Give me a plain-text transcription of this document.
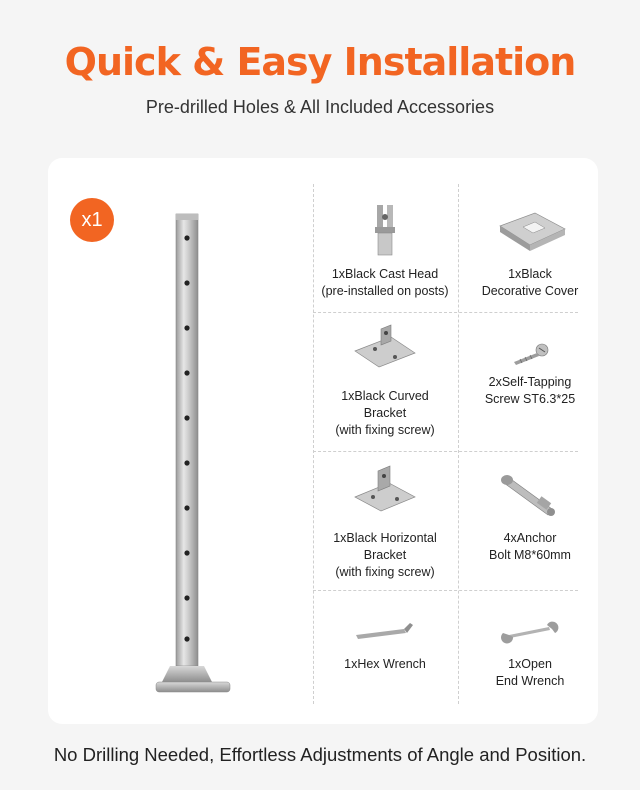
Quick & Easy Installation
Pre-drilled Holes & All Included Accessories
x1
1xBlack Cast Head
(pre-installed on posts)
1xBlack
Decorative Cover
1xBlack Curved
Bracket
(with fixing screw)
2xSelf-Tapping
Screw ST6.3*25
1xBlack Horizontal
Bracket
(with fixing screw)
4xAnchor
Bolt M8*60mm
1xHex Wrench	1xOpen
End Wrench
No Drilling Needed, Effortless Adjustments of Angle and Position.
